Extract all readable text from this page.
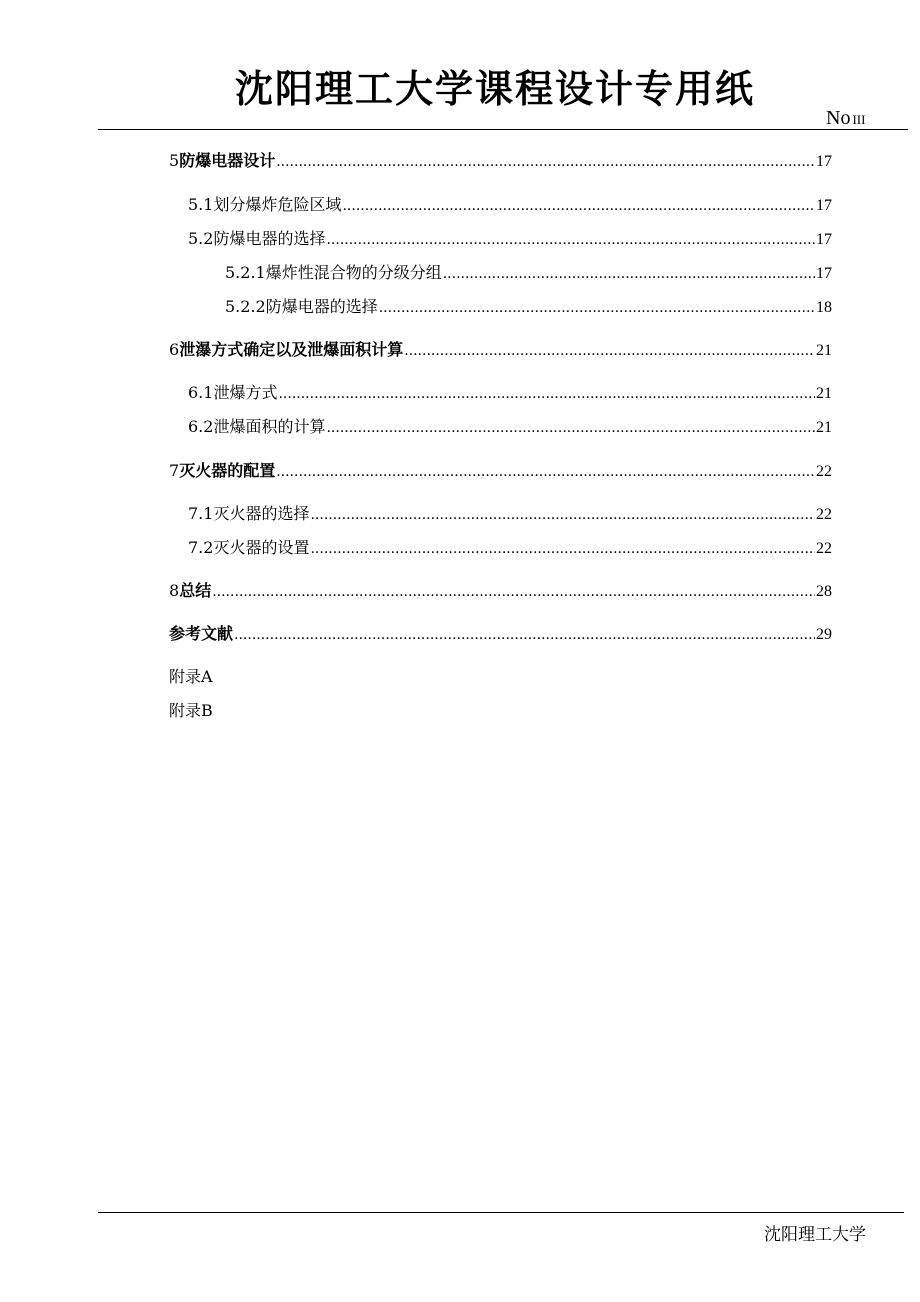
沈阳理工大学课程设计专用纸
No III
5 防爆电器设计 .....	17
5.1 划分爆炸危险区域 .....	17
5.2 防爆电器的选择 .....	17
5.2.1 爆炸性混合物的分级分组 .....	17
5.2.2 防爆电器的选择 .....	18
6 泄瀑方式确定以及泄爆面积计算 .....	21
6.1 泄爆方式 .....	21
6.2 泄爆面积的计算 .....	21
7 灭火器的配置 .....	22
7.1 灭火器的选择 .....	22
7.2 灭火器的设置 .....	22
8 总结 .....	28
参考文献 .....	29
附录A
附录B
沈阳理工大学
